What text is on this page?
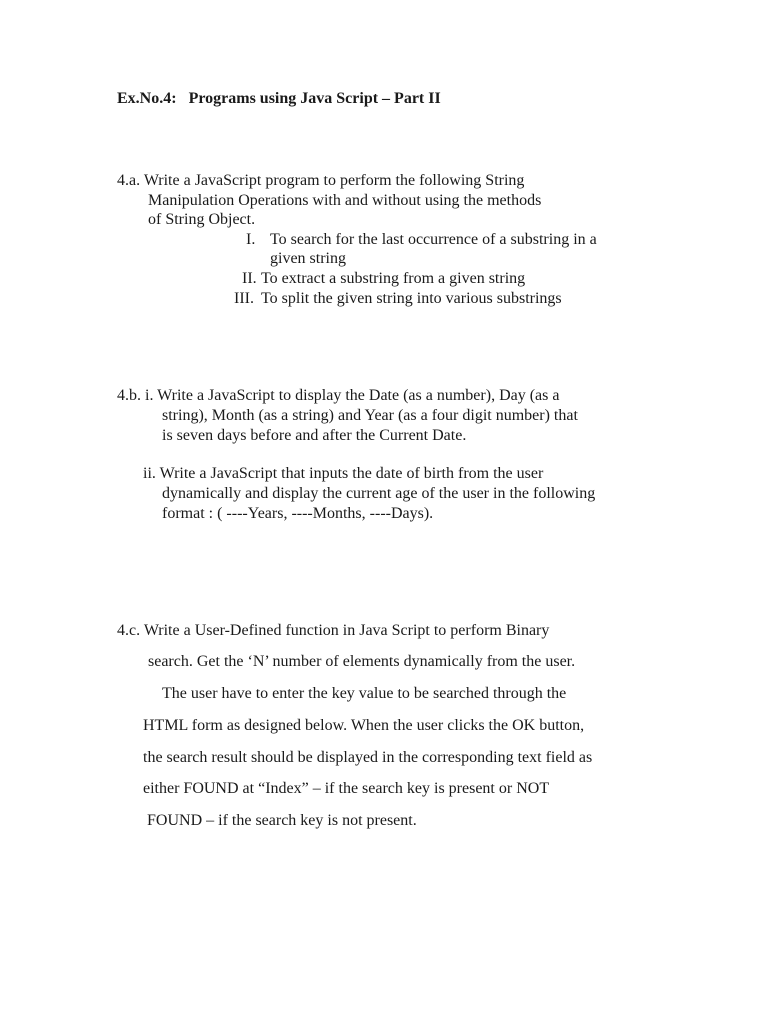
Ex.No.4: Programs using Java Script – Part II
4.a. Write a JavaScript program to perform the following String
Manipulation Operations with and without using the methods
of String Object.
I. To search for the last occurrence of a substring in a
given string
II. To extract a substring from a given string
III. To split the given string into various substrings
4.b. i. Write a JavaScript to display the Date (as a number), Day (as a
string), Month (as a string) and Year (as a four digit number) that
is seven days before and after the Current Date.
ii. Write a JavaScript that inputs the date of birth from the user
dynamically and display the current age of the user in the following
format : ( ----Years, ----Months, ----Days).
4.c. Write a User-Defined function in Java Script to perform Binary
search. Get the ‘N’ number of elements dynamically from the user.
The user have to enter the key value to be searched through the
HTML form as designed below. When the user clicks the OK button,
the search result should be displayed in the corresponding text field as
either FOUND at “Index” – if the search key is present or NOT
FOUND – if the search key is not present.
